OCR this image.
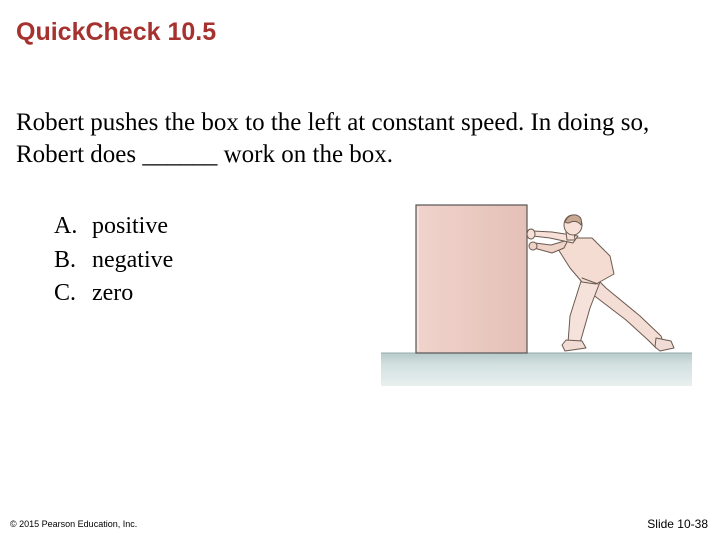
QuickCheck 10.5

Robert pushes the box to the left at constant speed. In doing so, Robert does ______ work on the box.

A. positive
B. negative
C. zero
© 2015 Pearson Education, Inc.	Slide 10-38
